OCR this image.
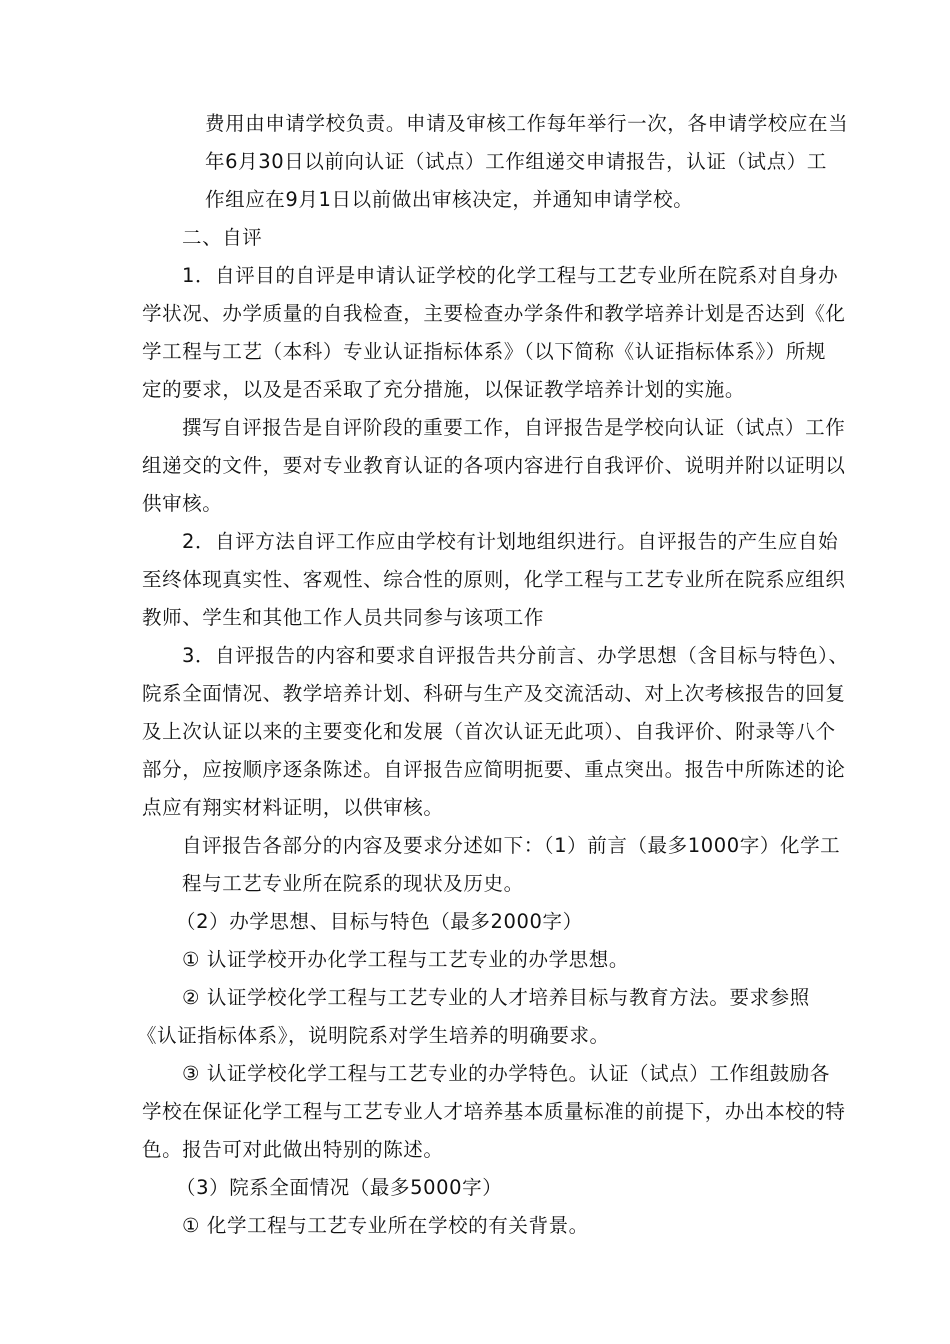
费用由申请学校负责。申请及审核工作每年举行一次，各申请学校应在当
年6月30日以前向认证（试点）工作组递交申请报告，认证（试点）工
作组应在9月1日以前做出审核决定，并通知申请学校。
二、自评
1．自评目的自评是申请认证学校的化学工程与工艺专业所在院系对自身办
学状况、办学质量的自我检查，主要检查办学条件和教学培养计划是否达到《化
学工程与工艺（本科）专业认证指标体系》（以下简称《认证指标体系》）所规
定的要求，以及是否采取了充分措施，以保证教学培养计划的实施。
撰写自评报告是自评阶段的重要工作，自评报告是学校向认证（试点）工作
组递交的文件，要对专业教育认证的各项内容进行自我评价、说明并附以证明以
供审核。
2．自评方法自评工作应由学校有计划地组织进行。自评报告的产生应自始
至终体现真实性、客观性、综合性的原则，化学工程与工艺专业所在院系应组织
教师、学生和其他工作人员共同参与该项工作
3．自评报告的内容和要求自评报告共分前言、办学思想（含目标与特色）、
院系全面情况、教学培养计划、科研与生产及交流活动、对上次考核报告的回复
及上次认证以来的主要变化和发展（首次认证无此项）、自我评价、附录等八个
部分，应按顺序逐条陈述。自评报告应简明扼要、重点突出。报告中所陈述的论
点应有翔实材料证明，以供审核。
自评报告各部分的内容及要求分述如下：（1）前言（最多1000字）化学工
程与工艺专业所在院系的现状及历史。
（2）办学思想、目标与特色（最多2000字）
① 认证学校开办化学工程与工艺专业的办学思想。
② 认证学校化学工程与工艺专业的人才培养目标与教育方法。要求参照
《认证指标体系》，说明院系对学生培养的明确要求。
③ 认证学校化学工程与工艺专业的办学特色。认证（试点）工作组鼓励各
学校在保证化学工程与工艺专业人才培养基本质量标准的前提下，办出本校的特
色。报告可对此做出特别的陈述。
（3）院系全面情况（最多5000字）
① 化学工程与工艺专业所在学校的有关背景。
